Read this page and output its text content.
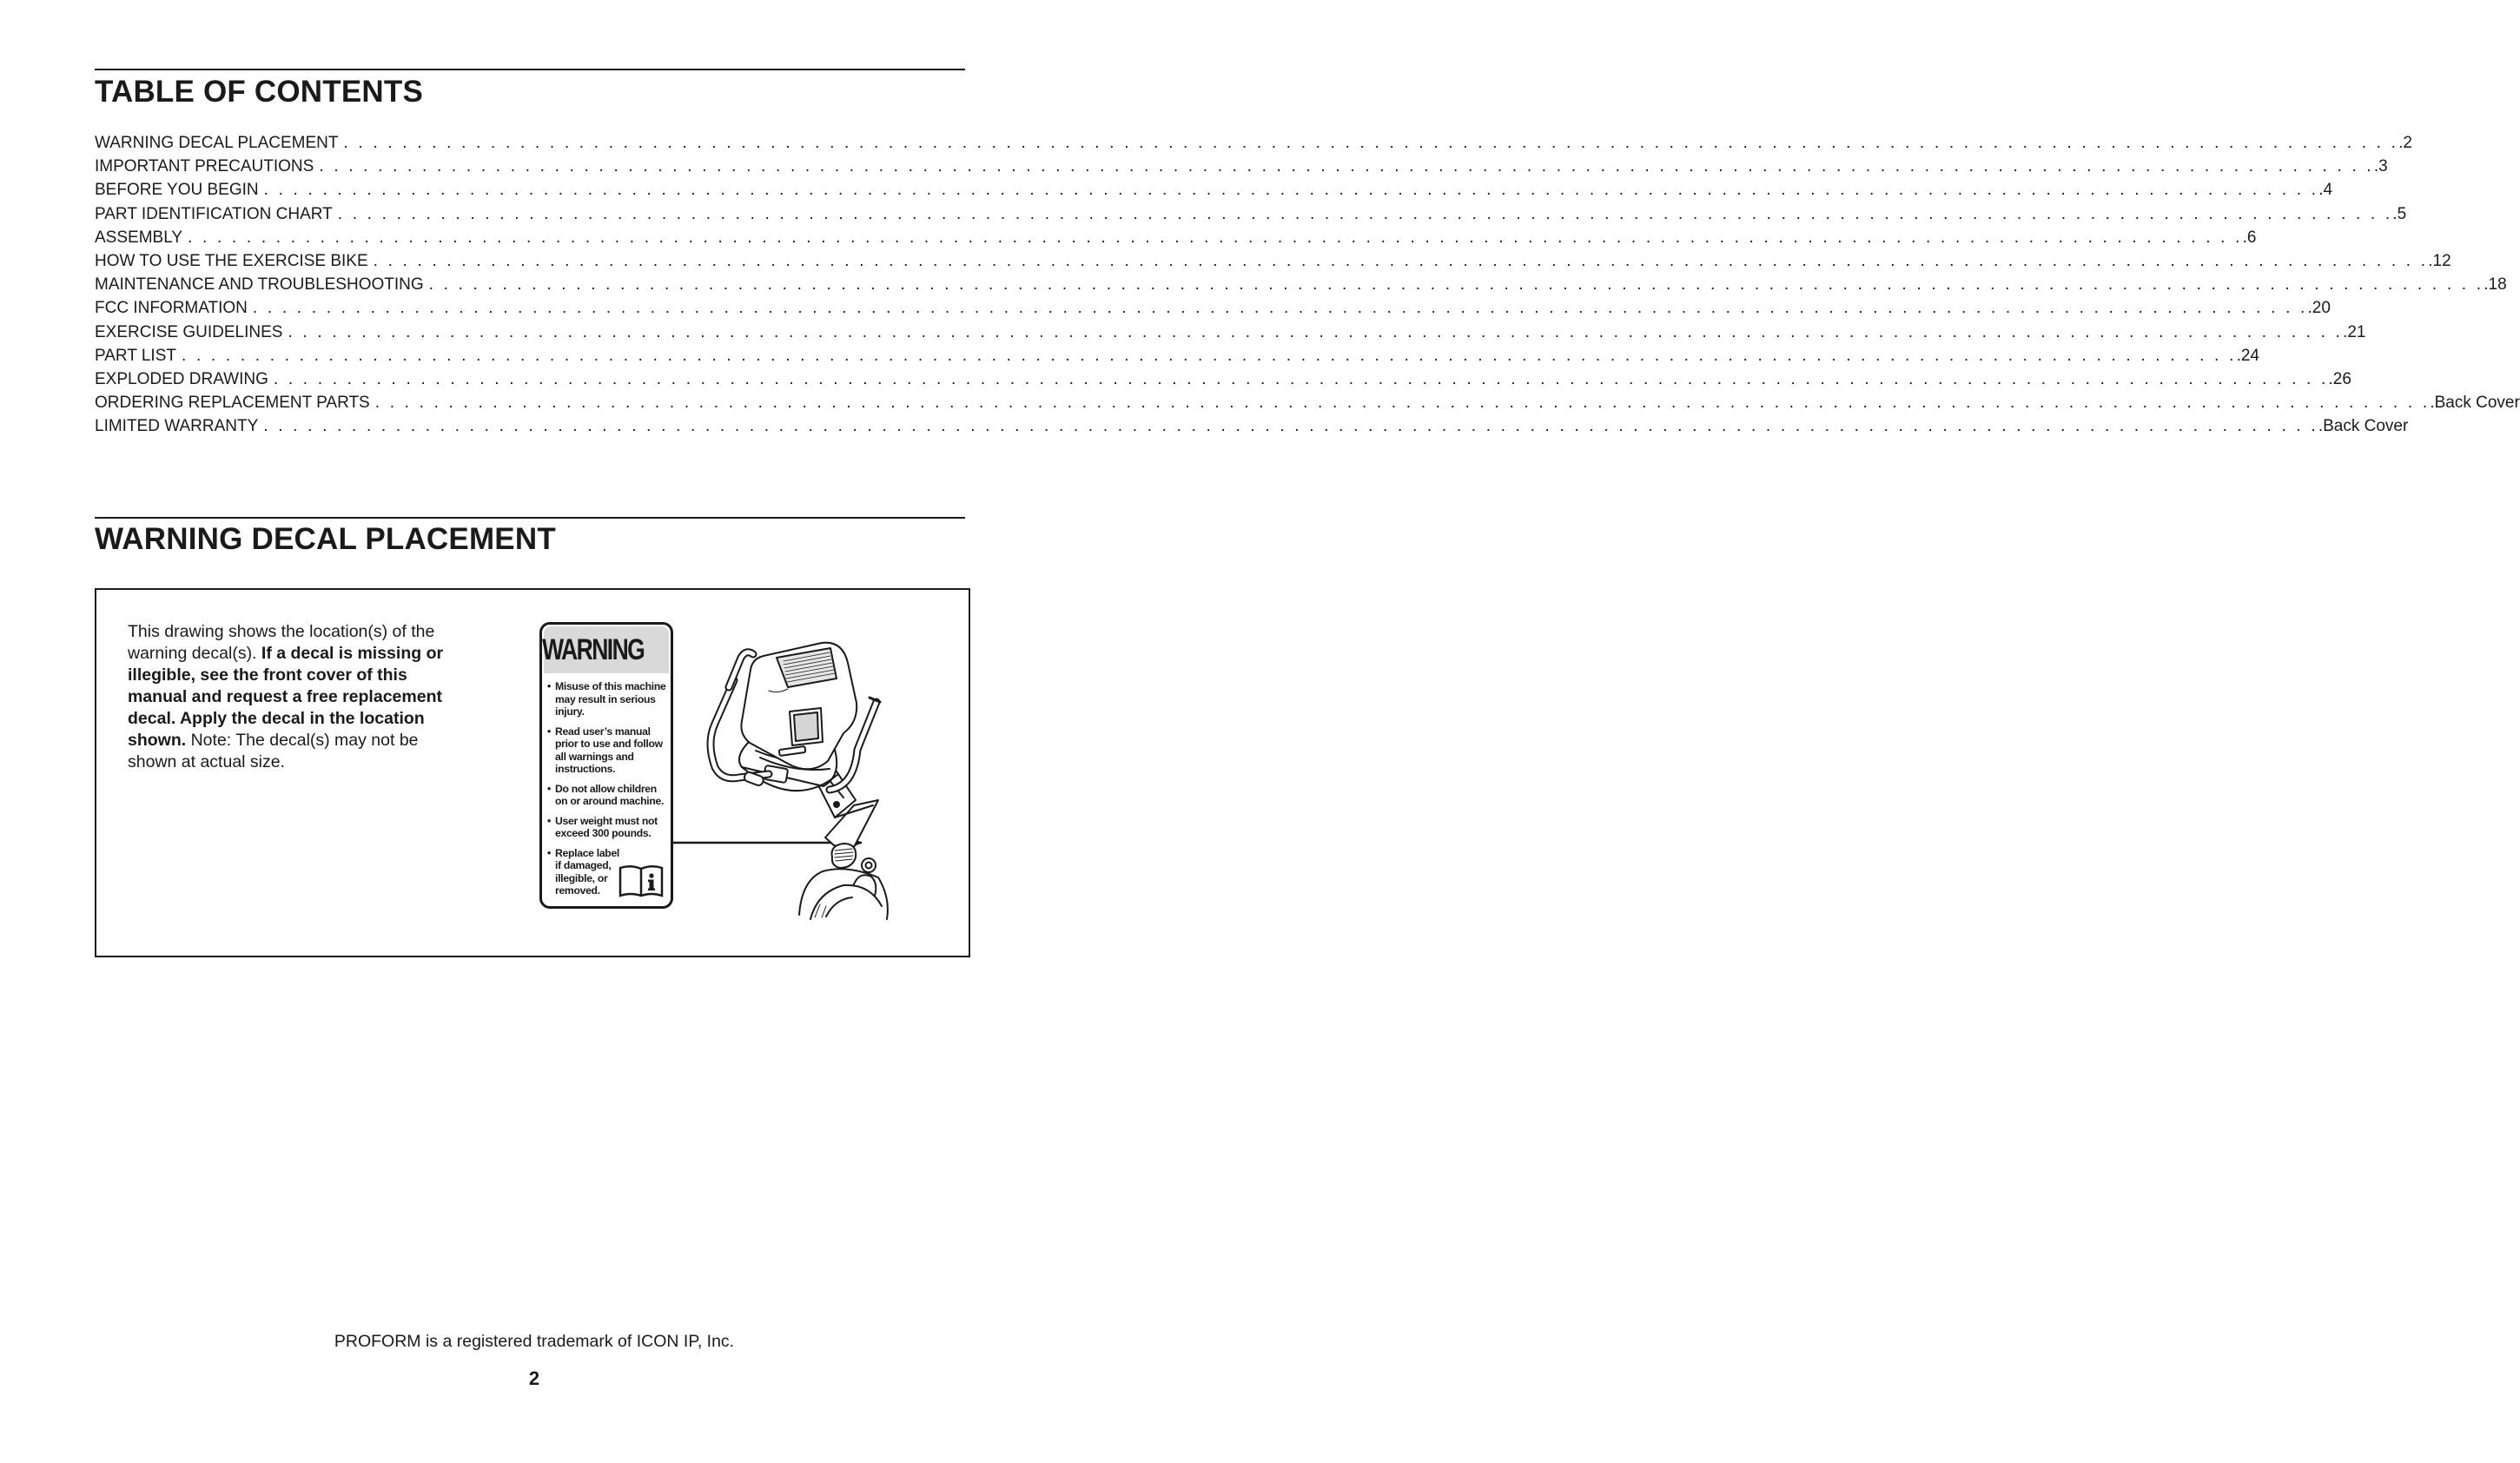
TABLE OF CONTENTS
WARNING DECAL PLACEMENT . . . . . . . . . . . . . . . . . . . . . . . . . . . . . . . . . . . . . . . . . . . . . . . . . . . . . . . . . . . . . . . . . . . . . . . . . . . . . . . . . . . . . . . . . . . . . . . . . . . . . . . . . . . . . . . . . . . . . . . . . . . . . . . . . . . . . . . . . . . . .2
IMPORTANT PRECAUTIONS . . . . . . . . . . . . . . . . . . . . . . . . . . . . . . . . . . . . . . . . . . . . . . . . . . . . . . . . . . . . . . . . . . . . . . . . . . . . . . . . . . . . . . . . . . . . . . . . . . . . . . . . . . . . . . . . . . . . . . . . . . . . . . . . . . . . . . . . . . . . .3
BEFORE YOU BEGIN . . . . . . . . . . . . . . . . . . . . . . . . . . . . . . . . . . . . . . . . . . . . . . . . . . . . . . . . . . . . . . . . . . . . . . . . . . . . . . . . . . . . . . . . . . . . . . . . . . . . . . . . . . . . . . . . . . . . . . . . . . . . . . . . . . . . . . . . . . . . .4
PART IDENTIFICATION CHART . . . . . . . . . . . . . . . . . . . . . . . . . . . . . . . . . . . . . . . . . . . . . . . . . . . . . . . . . . . . . . . . . . . . . . . . . . . . . . . . . . . . . . . . . . . . . . . . . . . . . . . . . . . . . . . . . . . . . . . . . . . . . . . . . . . . . . . . . . . . .5
ASSEMBLY . . . . . . . . . . . . . . . . . . . . . . . . . . . . . . . . . . . . . . . . . . . . . . . . . . . . . . . . . . . . . . . . . . . . . . . . . . . . . . . . . . . . . . . . . . . . . . . . . . . . . . . . . . . . . . . . . . . . . . . . . . . . . . . . . . . . . . . . . . . . .6
HOW TO USE THE EXERCISE BIKE . . . . . . . . . . . . . . . . . . . . . . . . . . . . . . . . . . . . . . . . . . . . . . . . . . . . . . . . . . . . . . . . . . . . . . . . . . . . . . . . . . . . . . . . . . . . . . . . . . . . . . . . . . . . . . . . . . . . . . . . . . . . . . . . . . . . . . . . . . . . .12
MAINTENANCE AND TROUBLESHOOTING . . . . . . . . . . . . . . . . . . . . . . . . . . . . . . . . . . . . . . . . . . . . . . . . . . . . . . . . . . . . . . . . . . . . . . . . . . . . . . . . . . . . . . . . . . . . . . . . . . . . . . . . . . . . . . . . . . . . . . . . . . . . . . . . . . . . . . . . . . . . .18
FCC INFORMATION . . . . . . . . . . . . . . . . . . . . . . . . . . . . . . . . . . . . . . . . . . . . . . . . . . . . . . . . . . . . . . . . . . . . . . . . . . . . . . . . . . . . . . . . . . . . . . . . . . . . . . . . . . . . . . . . . . . . . . . . . . . . . . . . . . . . . . . . . . . . .20
EXERCISE GUIDELINES . . . . . . . . . . . . . . . . . . . . . . . . . . . . . . . . . . . . . . . . . . . . . . . . . . . . . . . . . . . . . . . . . . . . . . . . . . . . . . . . . . . . . . . . . . . . . . . . . . . . . . . . . . . . . . . . . . . . . . . . . . . . . . . . . . . . . . . . . . . . .21
PART LIST . . . . . . . . . . . . . . . . . . . . . . . . . . . . . . . . . . . . . . . . . . . . . . . . . . . . . . . . . . . . . . . . . . . . . . . . . . . . . . . . . . . . . . . . . . . . . . . . . . . . . . . . . . . . . . . . . . . . . . . . . . . . . . . . . . . . . . . . . . . . .24
EXPLODED DRAWING . . . . . . . . . . . . . . . . . . . . . . . . . . . . . . . . . . . . . . . . . . . . . . . . . . . . . . . . . . . . . . . . . . . . . . . . . . . . . . . . . . . . . . . . . . . . . . . . . . . . . . . . . . . . . . . . . . . . . . . . . . . . . . . . . . . . . . . . . . . . .26
ORDERING REPLACEMENT PARTS . . . . . . . . . . . . . . . . . . . . . . . . . . . . . . . . . . . . . . . . . . . . . . . . . . . . . . . . . . . . . . . . . . . . . . . . . . . . . . . . . . . . . . . . . . . . . . . . . . . . . . . . . . . . . . . . . . . . . . . . . . . . . . . . . . . . . . . . . . . . .Back Cover
LIMITED WARRANTY . . . . . . . . . . . . . . . . . . . . . . . . . . . . . . . . . . . . . . . . . . . . . . . . . . . . . . . . . . . . . . . . . . . . . . . . . . . . . . . . . . . . . . . . . . . . . . . . . . . . . . . . . . . . . . . . . . . . . . . . . . . . . . . . . . . . . . . . . . . . .Back Cover
WARNING DECAL PLACEMENT

This drawing shows the location(s) of the warning decal(s). If a decal is missing or illegible, see the front cover of this manual and request a free replacement decal. Apply the decal in the location shown. Note: The decal(s) may not be shown at actual size.

WARNING
• Misuse of this machine may result in serious injury.
• Read user’s manual prior to use and follow all warnings and instructions.
• Do not allow children on or around machine.
• User weight must not exceed 300 pounds.
• Replace label if damaged, illegible, or removed.

PROFORM is a registered trademark of ICON IP, Inc.

2
